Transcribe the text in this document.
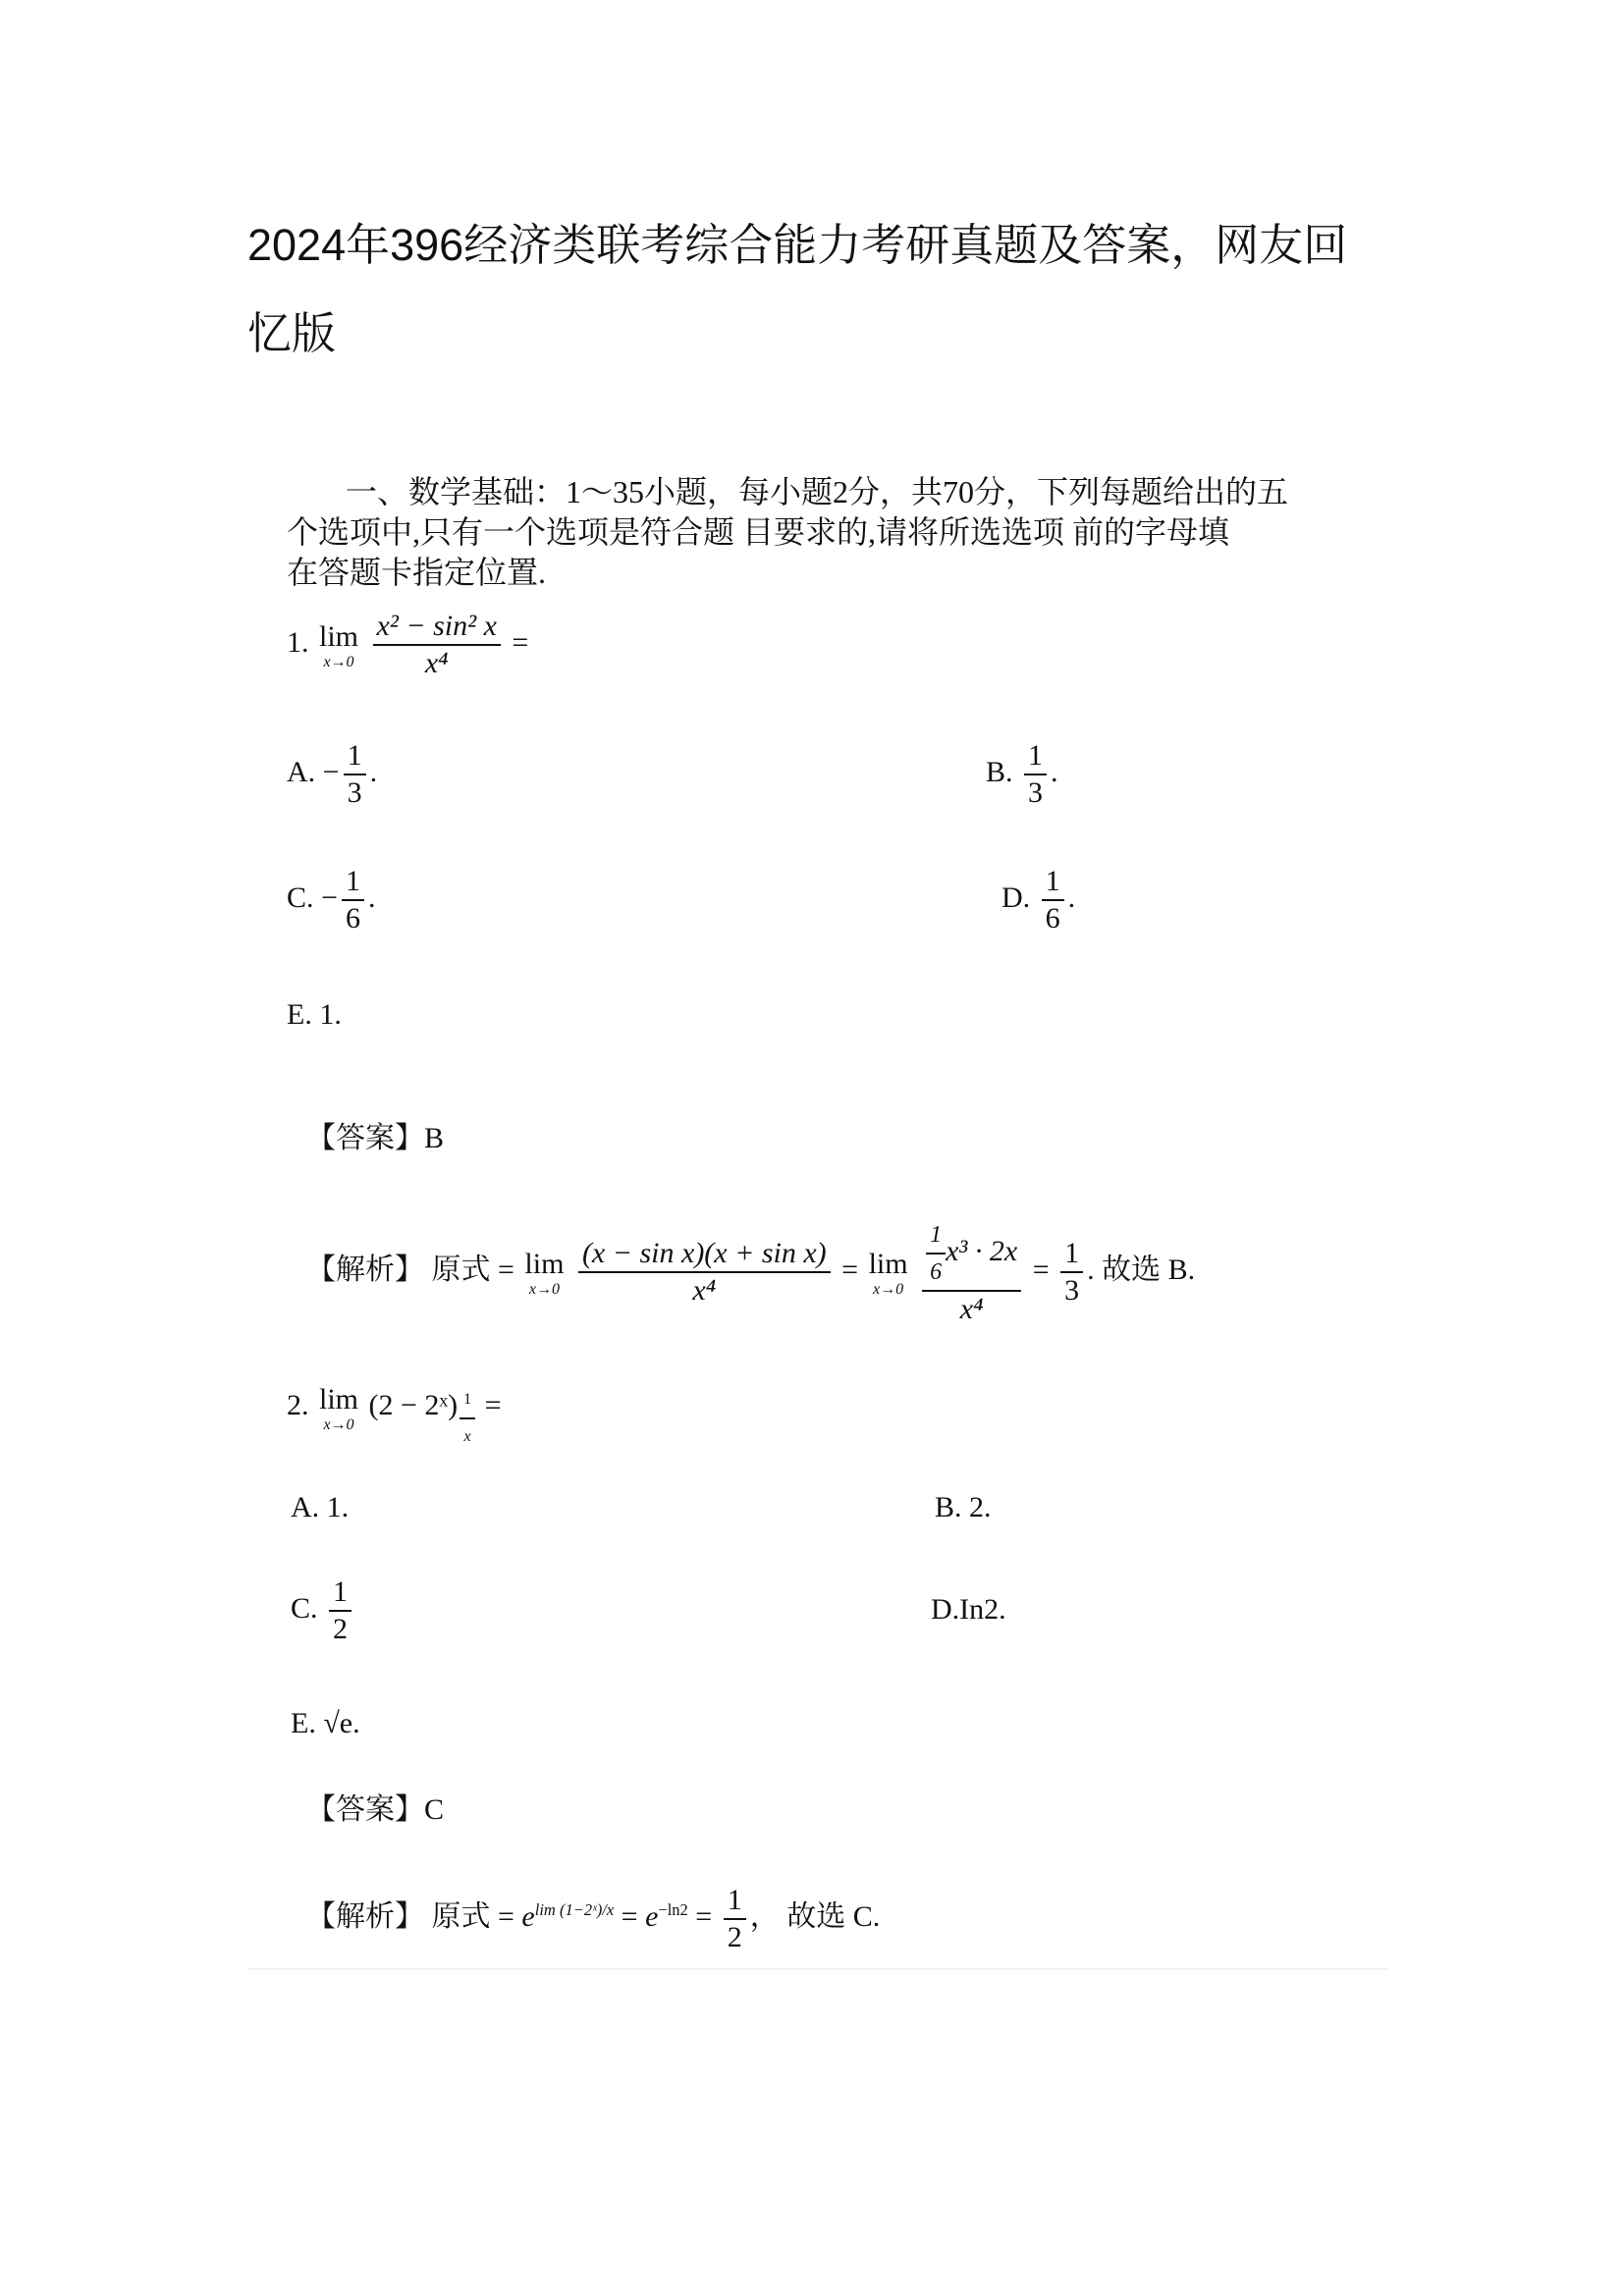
2024年396经济类联考综合能力考研真题及答案，网友回忆版
一、数学基础：1～35小题，每小题2分，共70分，下列每题给出的五
个选项中,只有一个选项是符合题 目要求的,请将所选选项 前的字母填
在答题卡指定位置.
1. lim
x→0
$\frac{\text{x² − sin² x}}{\text{x⁴}}$ =
A. − $\frac{1}{3}$ .	B. $\frac{1}{3}$ .
C. − $\frac{1}{6}$ .	D. $\frac{1}{6}$ .
E. 1.
【答案】B
【解析】 原式 = lim
x→0
$\frac{\text{(x − sin x)(x + sin x)}}{\text{x⁴}} = \lim$
x→0
$\frac{\frac{1}{6} x^3 \cdot 2x}{\text{x⁴}} = \frac{1}{3}$ . 故选 B.
2. lim
x→0
(2 − 2ˣ) $\frac{1}{x}$ =
A. 1.	B. 2.
C. $\frac{1}{2}$	D.In2.
E. √e.
【答案】C
【解析】 原式 = $e^{lim (1-2ˣ)/x} = e^{-ln2} = \frac{1}{2}$ ， 故选 C.
